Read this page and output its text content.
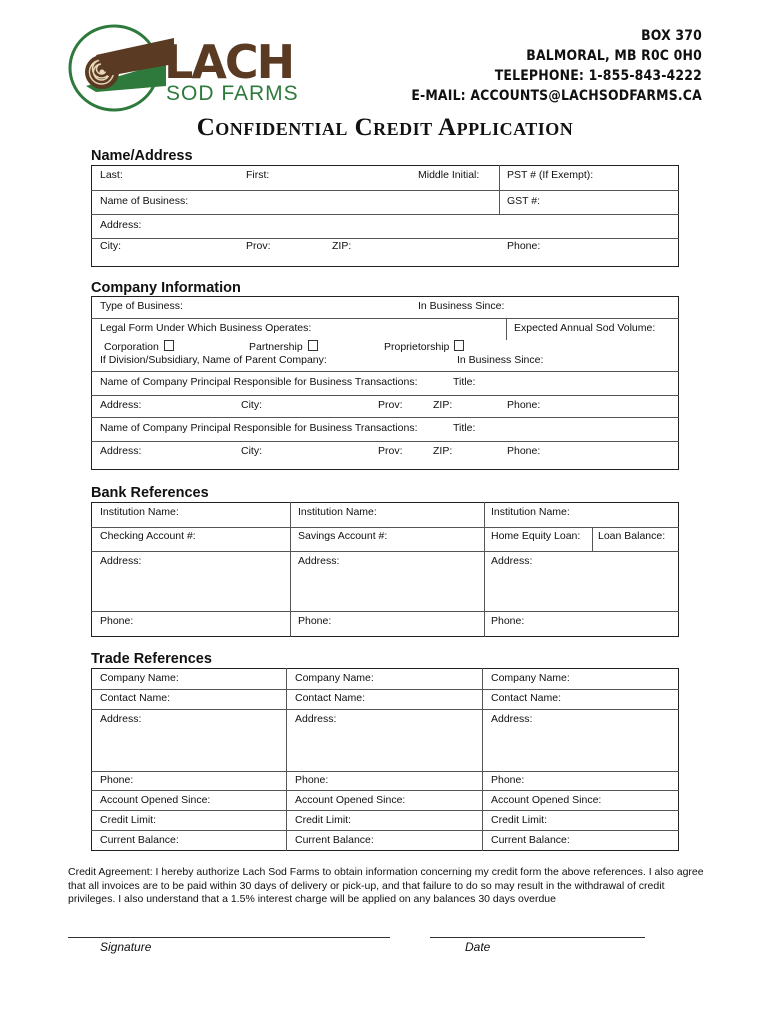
LACH
SOD FARMS
BOX 370
BALMORAL, MB R0C 0H0
TELEPHONE: 1-855-843-4222
E-MAIL: ACCOUNTS@LACHSODFARMS.CA
Confidential Credit Application
Name/Address
Last:	First:	Middle Initial:	PST # (If Exempt):
Name of Business:	GST #:
Address:
City:	Prov:	ZIP:	Phone:
Company Information
Type of Business:	In Business Since:
Legal Form Under Which Business Operates:	Expected Annual Sod Volume:
Corporation	Partnership	Proprietorship
If Division/Subsidiary, Name of Parent Company:	In Business Since:
Name of Company Principal Responsible for Business Transactions:	Title:
Address:	City:	Prov:	ZIP:	Phone:
Name of Company Principal Responsible for Business Transactions:	Title:
Address:	City:	Prov:	ZIP:	Phone:
Bank References
Institution Name:	Institution Name:	Institution Name:
Checking Account #:	Savings Account #:	Home Equity Loan: Loan Balance:
Address:	Address:	Address:
Phone:	Phone:	Phone:
Trade References
Company Name:	Company Name:	Company Name:
Contact Name:	Contact Name:	Contact Name:
Address:	Address:	Address:
Phone:	Phone:	Phone:
Account Opened Since:	Account Opened Since:	Account Opened Since:
Credit Limit:	Credit Limit:	Credit Limit:
Current Balance:	Current Balance:	Current Balance:
Credit Agreement: I hereby authorize Lach Sod Farms to obtain information concerning my credit form the above references. I also agree that all invoices are to be paid within 30 days of delivery or pick-up, and that failure to do so may result in the withdrawal of credit privileges. I also understand that a 1.5% interest charge will be applied on any balances 30 days overdue
Signature	Date
